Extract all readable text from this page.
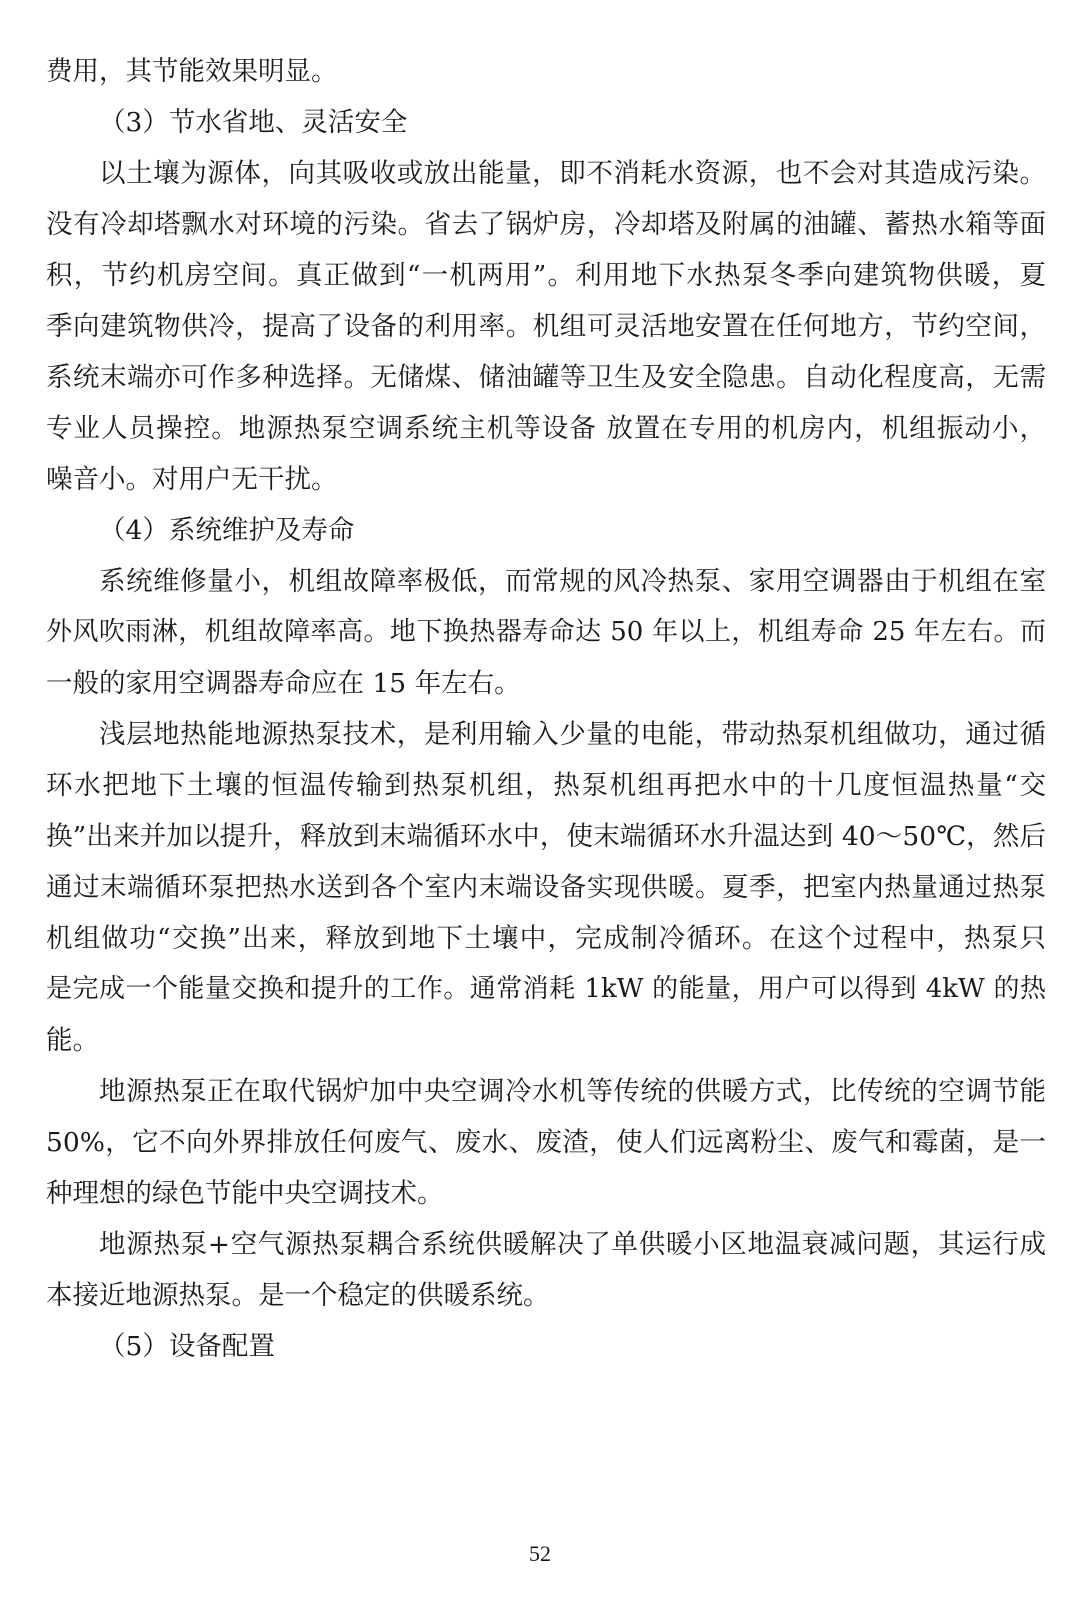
费用，其节能效果明显。
（3）节水省地、灵活安全
以土壤为源体，向其吸收或放出能量，即不消耗水资源，也不会对其造成污染。
没有冷却塔飘水对环境的污染。省去了锅炉房，冷却塔及附属的油罐、蓄热水箱等面
积，节约机房空间。真正做到“一机两用”。利用地下水热泵冬季向建筑物供暖，夏
季向建筑物供冷，提高了设备的利用率。机组可灵活地安置在任何地方，节约空间，
系统末端亦可作多种选择。无储煤、储油罐等卫生及安全隐患。自动化程度高，无需
专业人员操控。地源热泵空调系统主机等设备 放置在专用的机房内，机组振动小，
噪音小。对用户无干扰。
（4）系统维护及寿命
系统维修量小，机组故障率极低，而常规的风冷热泵、家用空调器由于机组在室
外风吹雨淋，机组故障率高。地下换热器寿命达 50 年以上，机组寿命 25 年左右。而
一般的家用空调器寿命应在 15 年左右。
浅层地热能地源热泵技术，是利用输入少量的电能，带动热泵机组做功，通过循
环水把地下土壤的恒温传输到热泵机组，热泵机组再把水中的十几度恒温热量“交
换”出来并加以提升，释放到末端循环水中，使末端循环水升温达到 40～50℃，然后
通过末端循环泵把热水送到各个室内末端设备实现供暖。夏季，把室内热量通过热泵
机组做功“交换”出来，释放到地下土壤中，完成制冷循环。在这个过程中，热泵只
是完成一个能量交换和提升的工作。通常消耗 1kW 的能量，用户可以得到 4kW 的热
能。
地源热泵正在取代锅炉加中央空调冷水机等传统的供暖方式，比传统的空调节能
50%，它不向外界排放任何废气、废水、废渣，使人们远离粉尘、废气和霉菌，是一
种理想的绿色节能中央空调技术。
地源热泵+空气源热泵耦合系统供暖解决了单供暖小区地温衰减问题，其运行成
本接近地源热泵。是一个稳定的供暖系统。
（5）设备配置
52
